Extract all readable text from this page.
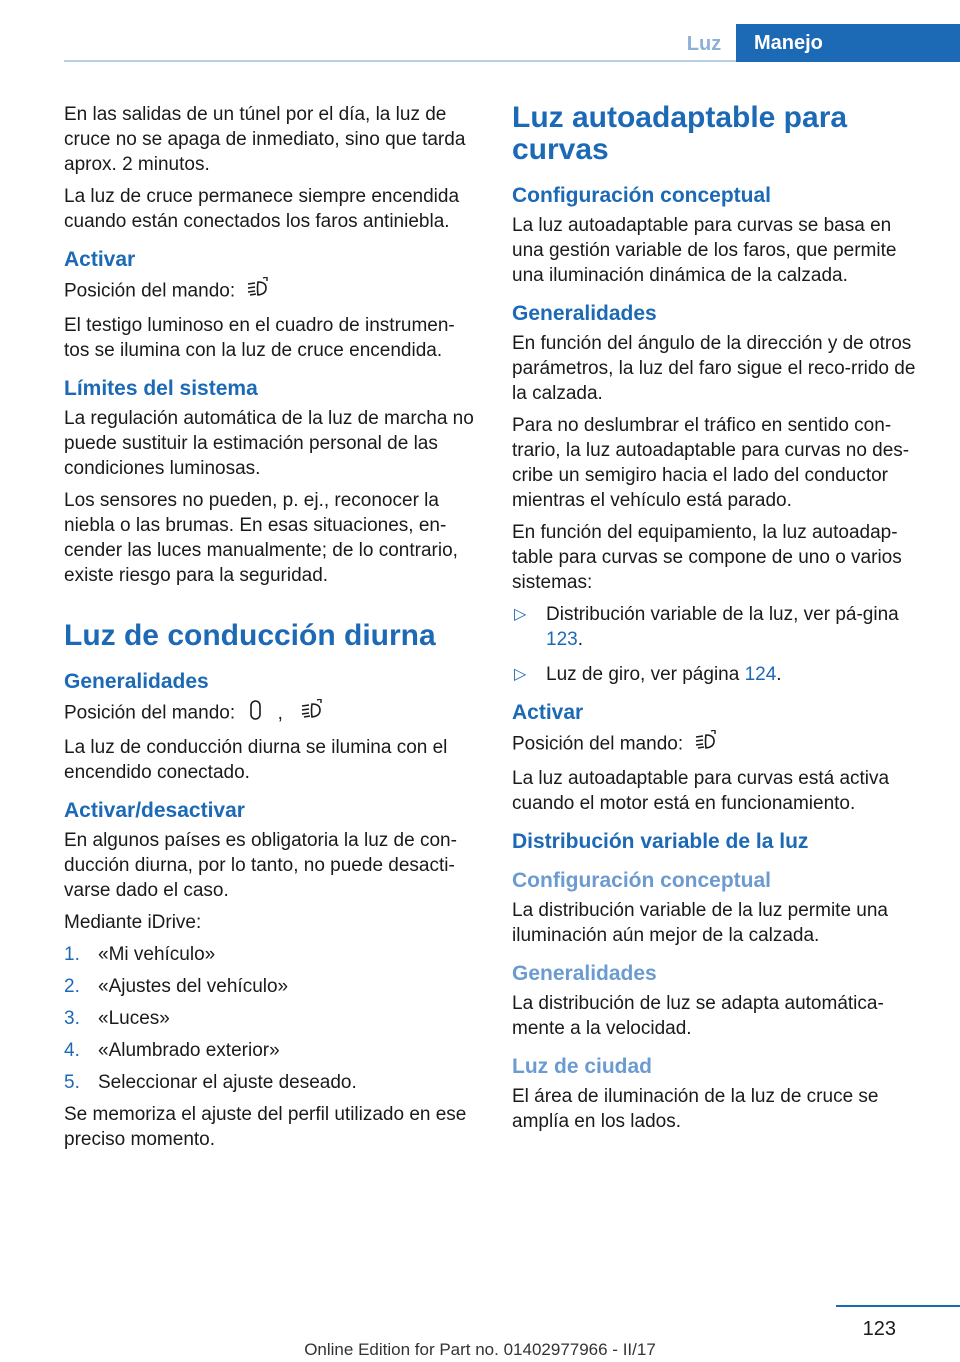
Luz	Manejo

En las salidas de un túnel por el día, la luz de cruce no se apaga de inmediato, sino que tarda aprox. 2 minutos.

La luz de cruce permanece siempre encendida cuando están conectados los faros antiniebla.

Activar

Posición del mando:

El testigo luminoso en el cuadro de instrumen‐tos se ilumina con la luz de cruce encendida.

Límites del sistema

La regulación automática de la luz de marcha no puede sustituir la estimación personal de las condiciones luminosas.

Los sensores no pueden, p. ej., reconocer la niebla o las brumas. En esas situaciones, en‐cender las luces manualmente; de lo contrario, existe riesgo para la seguridad.

Luz de conducción diurna
Generalidades

Posición del mando: ,

La luz de conducción diurna se ilumina con el encendido conectado.

Activar/desactivar

En algunos países es obligatoria la luz de con‐ducción diurna, por lo tanto, no puede desacti‐varse dado el caso.

Mediante iDrive:

1. «Mi vehículo»
2. «Ajustes del vehículo»
3. «Luces»
4. «Alumbrado exterior»
5. Seleccionar el ajuste deseado.

Se memoriza el ajuste del perfil utilizado en ese preciso momento.

Luz autoadaptable para curvas
Configuración conceptual

La luz autoadaptable para curvas se basa en una gestión variable de los faros, que permite una iluminación dinámica de la calzada.

Generalidades

En función del ángulo de la dirección y de otros parámetros, la luz del faro sigue el reco‐rrido de la calzada.

Para no deslumbrar el tráfico en sentido con‐trario, la luz autoadaptable para curvas no des‐cribe un semigiro hacia el lado del conductor mientras el vehículo está parado.

En función del equipamiento, la luz autoadap‐table para curvas se compone de uno o varios sistemas:

▷ Distribución variable de la luz, ver pá‐gina 123.
▷ Luz de giro, ver página 124.
Activar

Posición del mando:

La luz autoadaptable para curvas está activa cuando el motor está en funcionamiento.

Distribución variable de la luz
Configuración conceptual

La distribución variable de la luz permite una iluminación aún mejor de la calzada.

Generalidades

La distribución de luz se adapta automática‐mente a la velocidad.

Luz de ciudad

El área de iluminación de la luz de cruce se amplía en los lados.

123
Online Edition for Part no. 01402977966 - II/17
